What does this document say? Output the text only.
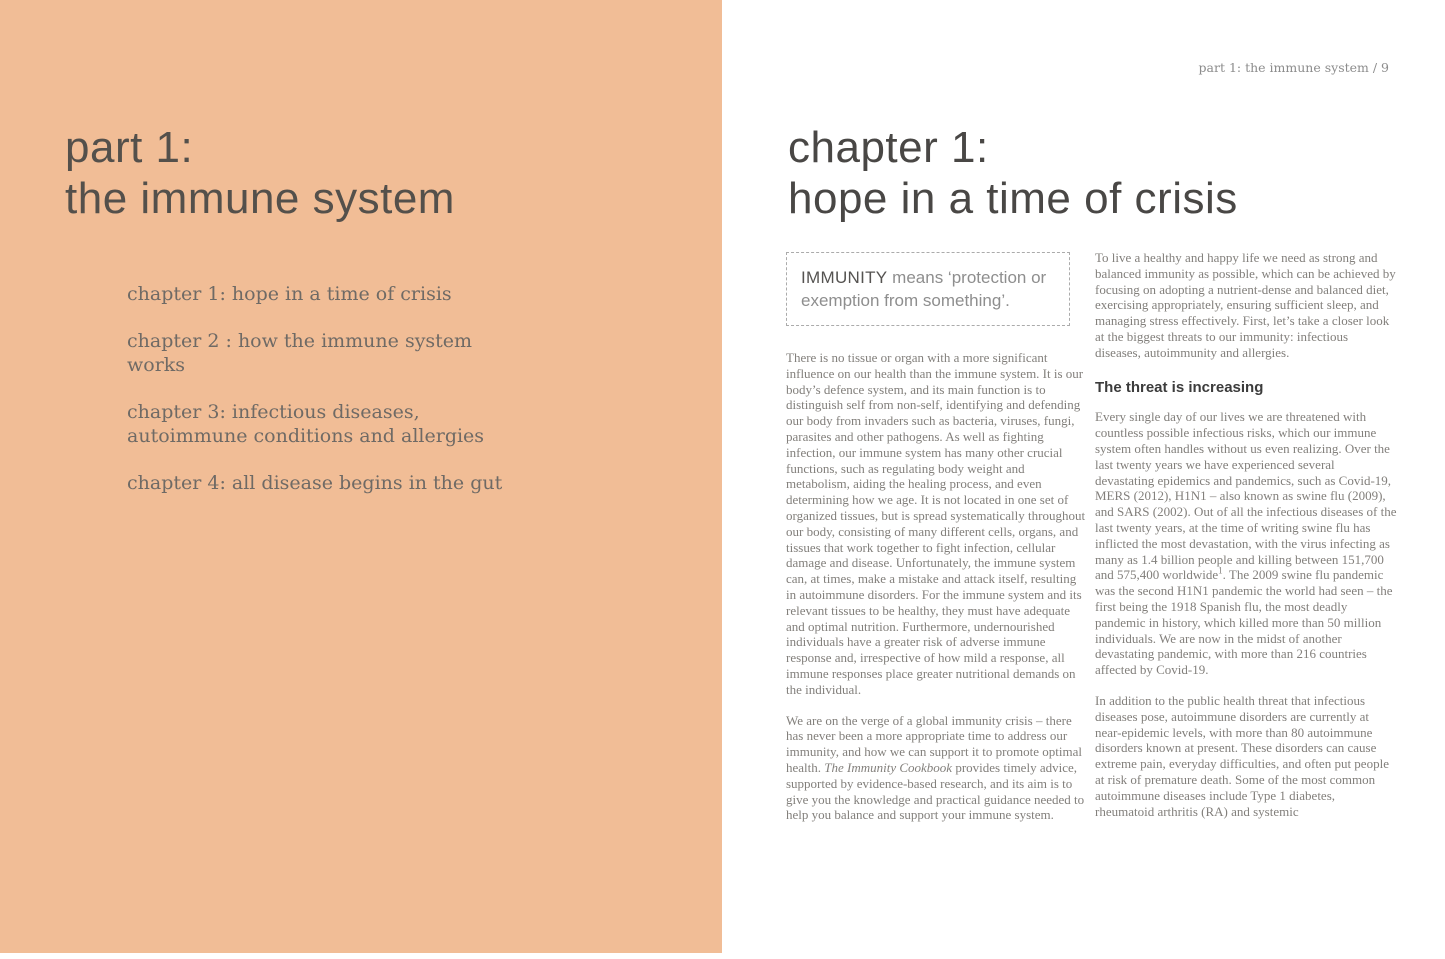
part 1:
the immune system
chapter 1: hope in a time of crisis
chapter 2 : how the immune system works
chapter 3: infectious diseases, autoimmune conditions and allergies
chapter 4: all disease begins in the gut
part 1: the immune system / 9
chapter 1:
hope in a time of crisis
IMMUNITY means ‘protection or exemption from something’.

There is no tissue or organ with a more significant influence on our health than the immune system. It is our body’s defence system, and its main function is to distinguish self from non-self, identifying and defending our body from invaders such as bacteria, viruses, fungi, parasites and other pathogens. As well as fighting infection, our immune system has many other crucial functions, such as regulating body weight and metabolism, aiding the healing process, and even determining how we age. It is not located in one set of organized tissues, but is spread systematically throughout our body, consisting of many different cells, organs, and tissues that work together to fight infection, cellular damage and disease. Unfortunately, the immune system can, at times, make a mistake and attack itself, resulting in autoimmune disorders. For the immune system and its relevant tissues to be healthy, they must have adequate and optimal nutrition. Furthermore, undernourished individuals have a greater risk of adverse immune response and, irrespective of how mild a response, all immune responses place greater nutritional demands on the individual.

We are on the verge of a global immunity crisis – there has never been a more appropriate time to address our immunity, and how we can support it to promote optimal health. The Immunity Cookbook provides timely advice, supported by evidence-based research, and its aim is to give you the knowledge and practical guidance needed to help you balance and support your immune system.

To live a healthy and happy life we need as strong and balanced immunity as possible, which can be achieved by focusing on adopting a nutrient-dense and balanced diet, exercising appropriately, ensuring sufficient sleep, and managing stress effectively. First, let’s take a closer look at the biggest threats to our immunity: infectious diseases, autoimmunity and allergies.

The threat is increasing

Every single day of our lives we are threatened with countless possible infectious risks, which our immune system often handles without us even realizing. Over the last twenty years we have experienced several devastating epidemics and pandemics, such as Covid-19, MERS (2012), H1N1 – also known as swine flu (2009), and SARS (2002). Out of all the infectious diseases of the last twenty years, at the time of writing swine flu has inflicted the most devastation, with the virus infecting as many as 1.4 billion people and killing between 151,700 and 575,400 worldwide$^1$. The 2009 swine flu pandemic was the second H1N1 pandemic the world had seen – the first being the 1918 Spanish flu, the most deadly pandemic in history, which killed more than 50 million individuals. We are now in the midst of another devastating pandemic, with more than 216 countries affected by Covid-19.

In addition to the public health threat that infectious diseases pose, autoimmune disorders are currently at near-epidemic levels, with more than 80 autoimmune disorders known at present. These disorders can cause extreme pain, everyday difficulties, and often put people at risk of premature death. Some of the most common autoimmune diseases include Type 1 diabetes, rheumatoid arthritis (RA) and systemic
